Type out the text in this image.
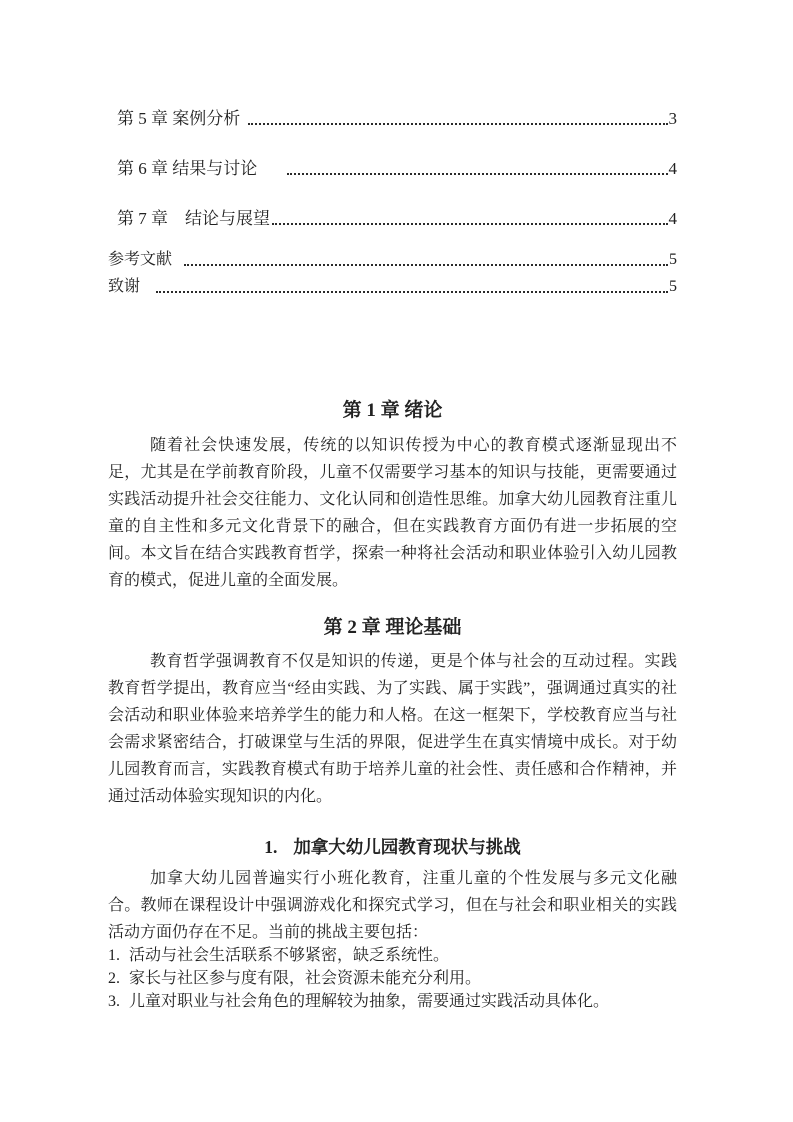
第 5 章 案例分析	3
第 6 章 结果与讨论	4
第 7 章　结论与展望	4
参考文献	5
致谢	5
第 1 章 绪论

随着社会快速发展，传统的以知识传授为中心的教育模式逐渐显现出不足，尤其是在学前教育阶段，儿童不仅需要学习基本的知识与技能，更需要通过实践活动提升社会交往能力、文化认同和创造性思维。加拿大幼儿园教育注重儿童的自主性和多元文化背景下的融合，但在实践教育方面仍有进一步拓展的空间。本文旨在结合实践教育哲学，探索一种将社会活动和职业体验引入幼儿园教育的模式，促进儿童的全面发展。

第 2 章 理论基础

教育哲学强调教育不仅是知识的传递，更是个体与社会的互动过程。实践教育哲学提出，教育应当“经由实践、为了实践、属于实践”，强调通过真实的社会活动和职业体验来培养学生的能力和人格。在这一框架下，学校教育应当与社会需求紧密结合，打破课堂与生活的界限，促进学生在真实情境中成长。对于幼儿园教育而言，实践教育模式有助于培养儿童的社会性、责任感和合作精神，并通过活动体验实现知识的内化。

1. 加拿大幼儿园教育现状与挑战

加拿大幼儿园普遍实行小班化教育，注重儿童的个性发展与多元文化融合。教师在课程设计中强调游戏化和探究式学习，但在与社会和职业相关的实践活动方面仍存在不足。当前的挑战主要包括：

1. 活动与社会生活联系不够紧密，缺乏系统性。
2. 家长与社区参与度有限，社会资源未能充分利用。
3. 儿童对职业与社会角色的理解较为抽象，需要通过实践活动具体化。
